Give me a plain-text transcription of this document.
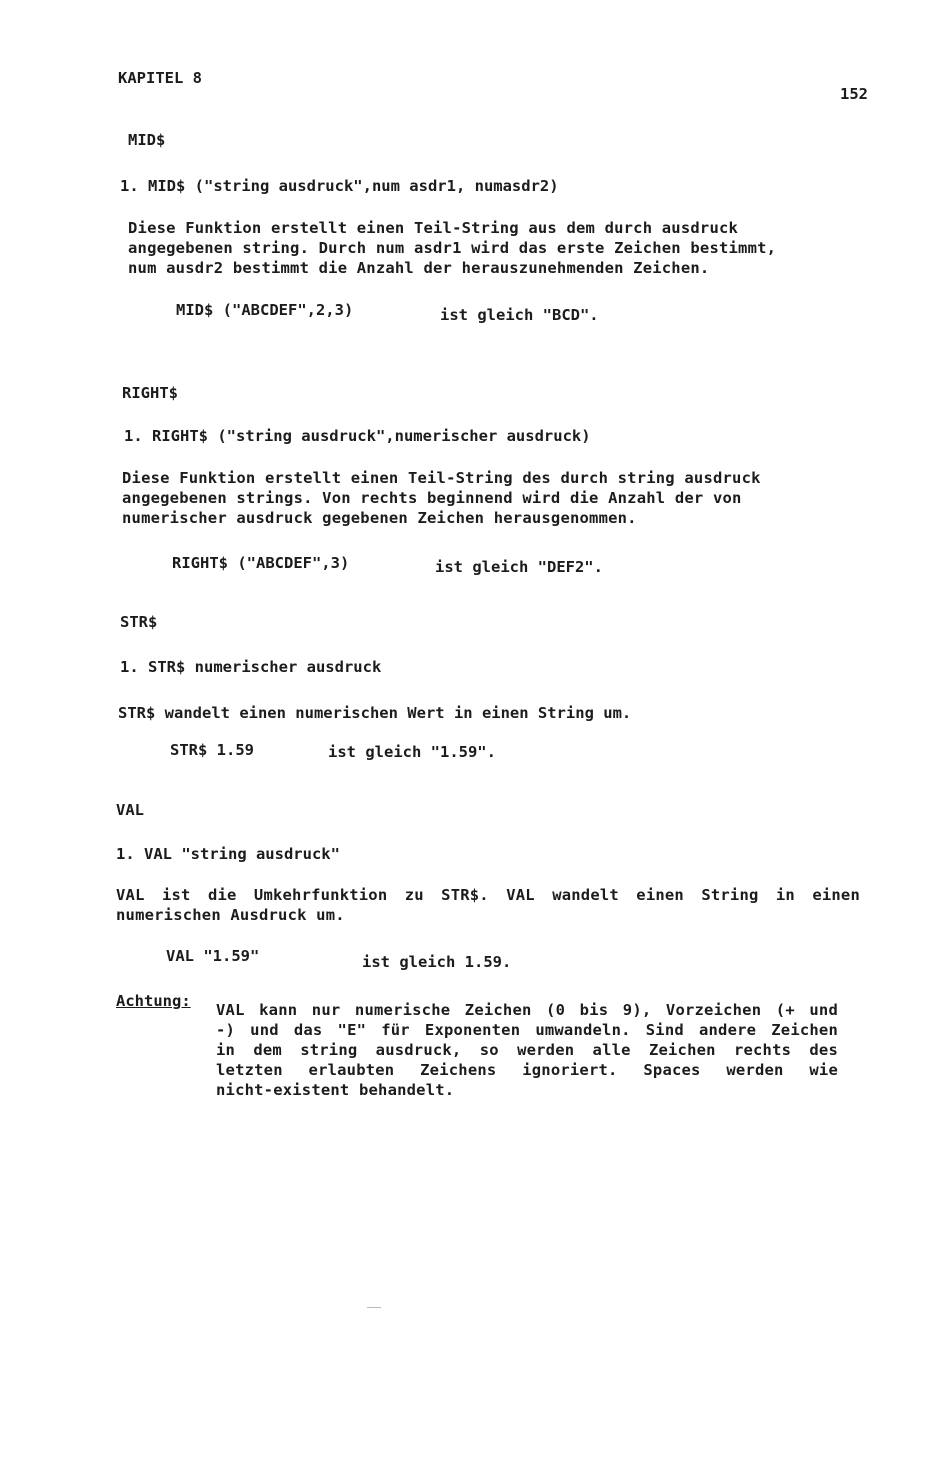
KAPITEL 8
152
MID$
1. MID$ ("string ausdruck",num asdr1, numasdr2)
Diese Funktion erstellt einen Teil-String aus dem durch ausdruck
angegebenen string. Durch num asdr1 wird das erste Zeichen bestimmt,
num ausdr2 bestimmt die Anzahl der herauszunehmenden Zeichen.
MID$ ("ABCDEF",2,3)	ist gleich "BCD".
RIGHT$
1. RIGHT$ ("string ausdruck",numerischer ausdruck)
Diese Funktion erstellt einen Teil-String des durch string ausdruck
angegebenen strings. Von rechts beginnend wird die Anzahl der von
numerischer ausdruck gegebenen Zeichen herausgenommen.
RIGHT$ ("ABCDEF",3)	ist gleich "DEF2".
STR$
1. STR$ numerischer ausdruck
STR$ wandelt einen numerischen Wert in einen String um.
STR$ 1.59	ist gleich "1.59".
VAL
1. VAL "string ausdruck"
VAL ist die Umkehrfunktion zu STR$. VAL wandelt einen String in einen
numerischen Ausdruck um.
VAL "1.59"	ist gleich 1.59.
Achtung: VAL kann nur numerische Zeichen (0 bis 9), Vorzeichen (+ und
-) und das "E" für Exponenten umwandeln. Sind andere Zeichen
in dem string ausdruck, so werden alle Zeichen rechts des
letzten erlaubten Zeichens ignoriert. Spaces werden wie
nicht-existent behandelt.
